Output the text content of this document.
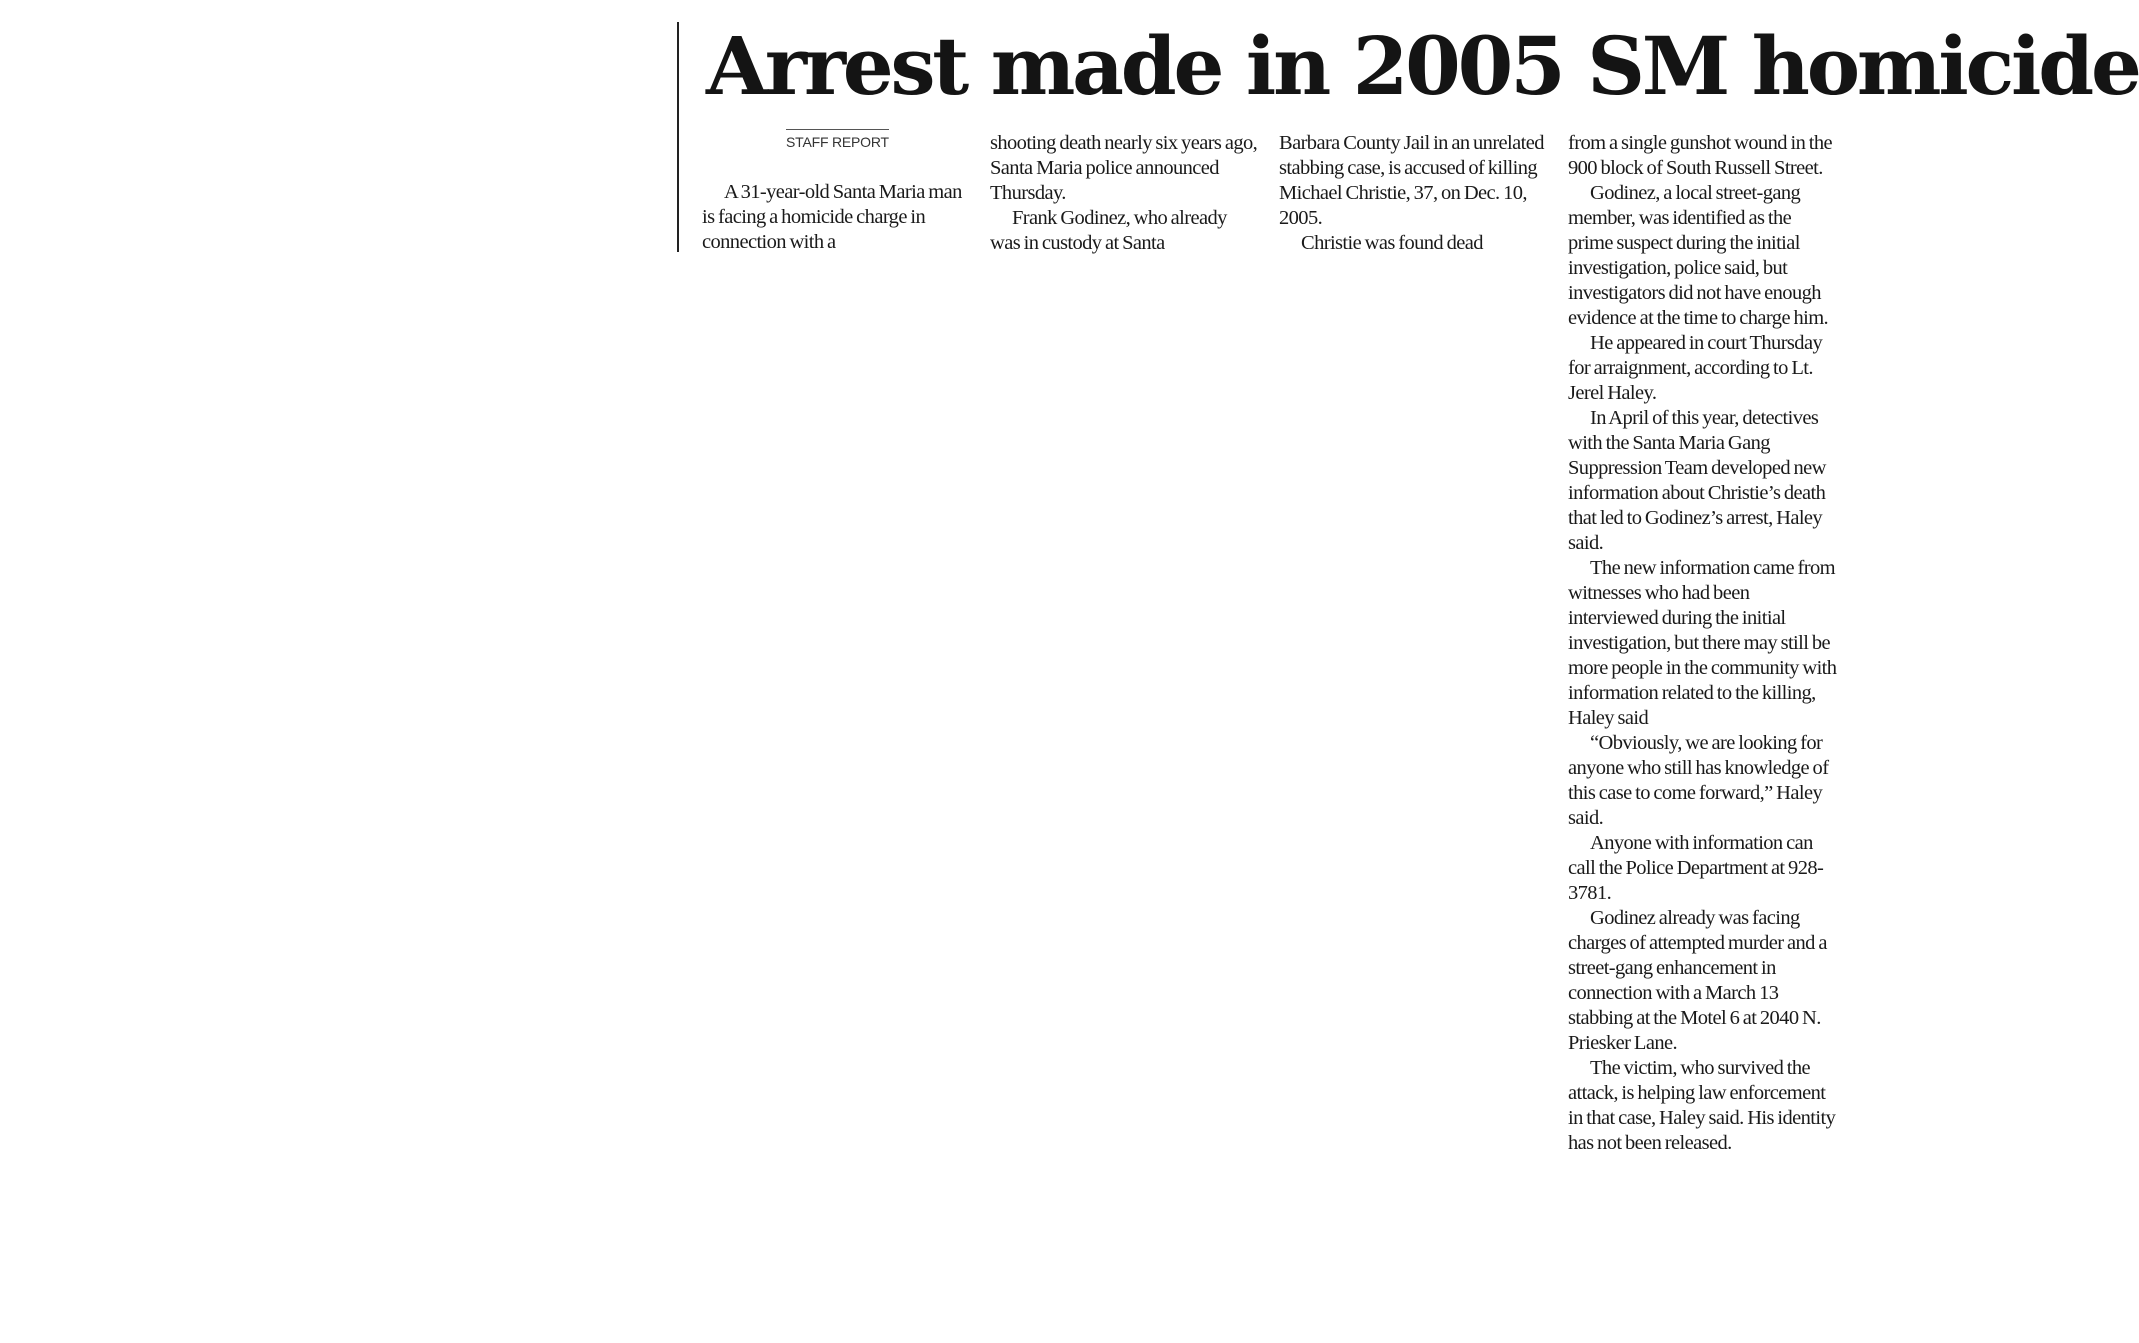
Arrest made in 2005 SM homicide
STAFF REPORT

A 31-year-old Santa Maria man is facing a homicide charge in connection with a

shooting death nearly six years ago, Santa Maria police announced Thursday.

Frank Godinez, who already was in custody at Santa

Barbara County Jail in an unrelated stabbing case, is accused of killing Michael Christie, 37, on Dec. 10, 2005.

Christie was found dead

from a single gunshot wound in the 900 block of South Russell Street.

Godinez, a local street-gang member, was identified as the prime suspect during the initial investigation, police said, but investigators did not have enough evidence at the time to charge him.

He appeared in court Thursday for arraignment, according to Lt. Jerel Haley.

In April of this year, detectives with the Santa Maria Gang Suppression Team developed new information about Christie’s death that led to Godinez’s arrest, Haley said.

The new information came from witnesses who had been interviewed during the initial investigation, but there may still be more people in the community with information related to the killing, Haley said

“Obviously, we are looking for anyone who still has knowledge of this case to come forward,” Haley said.

Anyone with information can call the Police Department at 928-3781.

Godinez already was facing charges of attempted murder and a street-gang enhancement in connection with a March 13 stabbing at the Motel 6 at 2040 N. Priesker Lane.

The victim, who survived the attack, is helping law enforcement in that case, Haley said. His identity has not been released.
